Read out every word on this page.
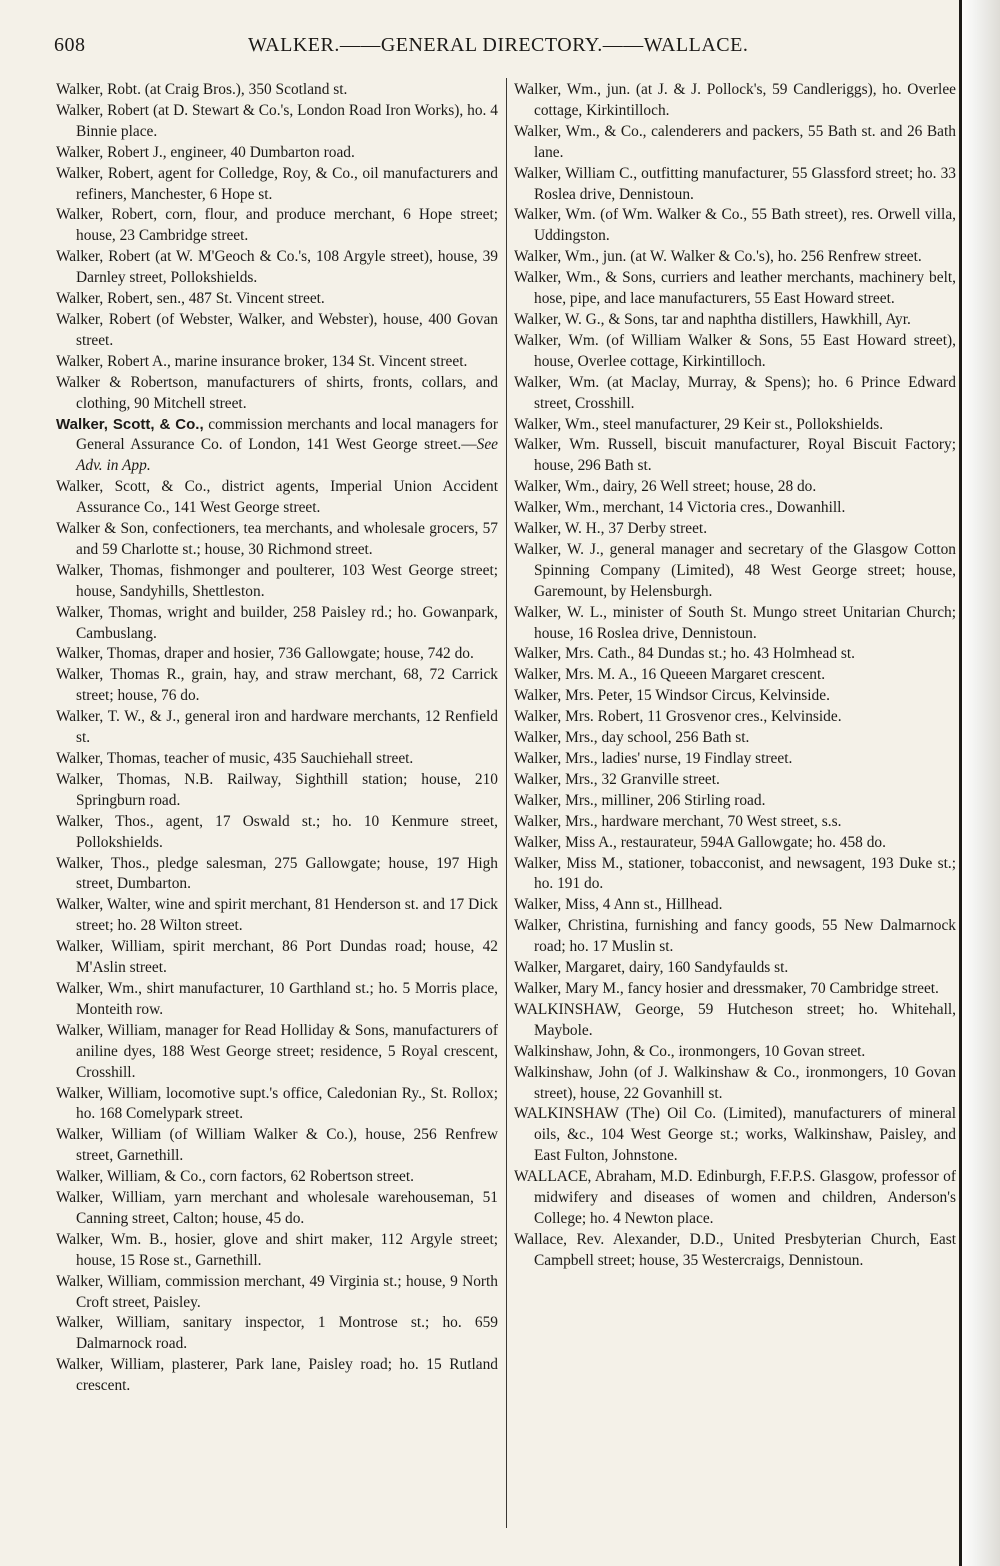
608	WALKER.——GENERAL DIRECTORY.——WALLACE.
Walker, Robt. (at Craig Bros.), 350 Scotland st.
Walker, Robert (at D. Stewart & Co.'s, London Road Iron Works), ho. 4 Binnie place.
Walker, Robert J., engineer, 40 Dumbarton road.
Walker, Robert, agent for Colledge, Roy, & Co., oil manufacturers and refiners, Manchester, 6 Hope st.
Walker, Robert, corn, flour, and produce merchant, 6 Hope street; house, 23 Cambridge street.
Walker, Robert (at W. M'Geoch & Co.'s, 108 Argyle street), house, 39 Darnley street, Pollokshields.
Walker, Robert, sen., 487 St. Vincent street.
Walker, Robert (of Webster, Walker, and Webster), house, 400 Govan street.
Walker, Robert A., marine insurance broker, 134 St. Vincent street.
Walker & Robertson, manufacturers of shirts, fronts, collars, and clothing, 90 Mitchell street.
Walker, Scott, & Co., commission merchants and local managers for General Assurance Co. of London, 141 West George street.—See Adv. in App.
Walker, Scott, & Co., district agents, Imperial Union Accident Assurance Co., 141 West George street.
Walker & Son, confectioners, tea merchants, and wholesale grocers, 57 and 59 Charlotte st.; house, 30 Richmond street.
Walker, Thomas, fishmonger and poulterer, 103 West George street; house, Sandyhills, Shettleston.
Walker, Thomas, wright and builder, 258 Paisley rd.; ho. Gowanpark, Cambuslang.
Walker, Thomas, draper and hosier, 736 Gallowgate; house, 742 do.
Walker, Thomas R., grain, hay, and straw merchant, 68, 72 Carrick street; house, 76 do.
Walker, T. W., & J., general iron and hardware merchants, 12 Renfield st.
Walker, Thomas, teacher of music, 435 Sauchiehall street.
Walker, Thomas, N.B. Railway, Sighthill station; house, 210 Springburn road.
Walker, Thos., agent, 17 Oswald st.; ho. 10 Kenmure street, Pollokshields.
Walker, Thos., pledge salesman, 275 Gallowgate; house, 197 High street, Dumbarton.
Walker, Walter, wine and spirit merchant, 81 Henderson st. and 17 Dick street; ho. 28 Wilton street.
Walker, William, spirit merchant, 86 Port Dundas road; house, 42 M'Aslin street.
Walker, Wm., shirt manufacturer, 10 Garthland st.; ho. 5 Morris place, Monteith row.
Walker, William, manager for Read Holliday & Sons, manufacturers of aniline dyes, 188 West George street; residence, 5 Royal crescent, Crosshill.
Walker, William, locomotive supt.'s office, Caledonian Ry., St. Rollox; ho. 168 Comelypark street.
Walker, William (of William Walker & Co.), house, 256 Renfrew street, Garnethill.
Walker, William, & Co., corn factors, 62 Robertson street.
Walker, William, yarn merchant and wholesale warehouseman, 51 Canning street, Calton; house, 45 do.
Walker, Wm. B., hosier, glove and shirt maker, 112 Argyle street; house, 15 Rose st., Garnethill.
Walker, William, commission merchant, 49 Virginia st.; house, 9 North Croft street, Paisley.
Walker, William, sanitary inspector, 1 Montrose st.; ho. 659 Dalmarnock road.
Walker, William, plasterer, Park lane, Paisley road; ho. 15 Rutland crescent.
Walker, Wm., jun. (at J. & J. Pollock's, 59 Candleriggs), ho. Overlee cottage, Kirkintilloch.
Walker, Wm., & Co., calenderers and packers, 55 Bath st. and 26 Bath lane.
Walker, William C., outfitting manufacturer, 55 Glassford street; ho. 33 Roslea drive, Dennistoun.
Walker, Wm. (of Wm. Walker & Co., 55 Bath street), res. Orwell villa, Uddingston.
Walker, Wm., jun. (at W. Walker & Co.'s), ho. 256 Renfrew street.
Walker, Wm., & Sons, curriers and leather merchants, machinery belt, hose, pipe, and lace manufacturers, 55 East Howard street.
Walker, W. G., & Sons, tar and naphtha distillers, Hawkhill, Ayr.
Walker, Wm. (of William Walker & Sons, 55 East Howard street), house, Overlee cottage, Kirkintilloch.
Walker, Wm. (at Maclay, Murray, & Spens); ho. 6 Prince Edward street, Crosshill.
Walker, Wm., steel manufacturer, 29 Keir st., Pollokshields.
Walker, Wm. Russell, biscuit manufacturer, Royal Biscuit Factory; house, 296 Bath st.
Walker, Wm., dairy, 26 Well street; house, 28 do.
Walker, Wm., merchant, 14 Victoria cres., Dowanhill.
Walker, W. H., 37 Derby street.
Walker, W. J., general manager and secretary of the Glasgow Cotton Spinning Company (Limited), 48 West George street; house, Garemount, by Helensburgh.
Walker, W. L., minister of South St. Mungo street Unitarian Church; house, 16 Roslea drive, Dennistoun.
Walker, Mrs. Cath., 84 Dundas st.; ho. 43 Holmhead st.
Walker, Mrs. M. A., 16 Queeen Margaret crescent.
Walker, Mrs. Peter, 15 Windsor Circus, Kelvinside.
Walker, Mrs. Robert, 11 Grosvenor cres., Kelvinside.
Walker, Mrs., day school, 256 Bath st.
Walker, Mrs., ladies' nurse, 19 Findlay street.
Walker, Mrs., 32 Granville street.
Walker, Mrs., milliner, 206 Stirling road.
Walker, Mrs., hardware merchant, 70 West street, s.s.
Walker, Miss A., restaurateur, 594A Gallowgate; ho. 458 do.
Walker, Miss M., stationer, tobacconist, and newsagent, 193 Duke st.; ho. 191 do.
Walker, Miss, 4 Ann st., Hillhead.
Walker, Christina, furnishing and fancy goods, 55 New Dalmarnock road; ho. 17 Muslin st.
Walker, Margaret, dairy, 160 Sandyfaulds st.
Walker, Mary M., fancy hosier and dressmaker, 70 Cambridge street.
WALKINSHAW, George, 59 Hutcheson street; ho. Whitehall, Maybole.
Walkinshaw, John, & Co., ironmongers, 10 Govan street.
Walkinshaw, John (of J. Walkinshaw & Co., ironmongers, 10 Govan street), house, 22 Govanhill st.
WALKINSHAW (The) Oil Co. (Limited), manufacturers of mineral oils, &c., 104 West George st.; works, Walkinshaw, Paisley, and East Fulton, Johnstone.
WALLACE, Abraham, M.D. Edinburgh, F.F.P.S. Glasgow, professor of midwifery and diseases of women and children, Anderson's College; ho. 4 Newton place.
Wallace, Rev. Alexander, D.D., United Presbyterian Church, East Campbell street; house, 35 Westercraigs, Dennistoun.
